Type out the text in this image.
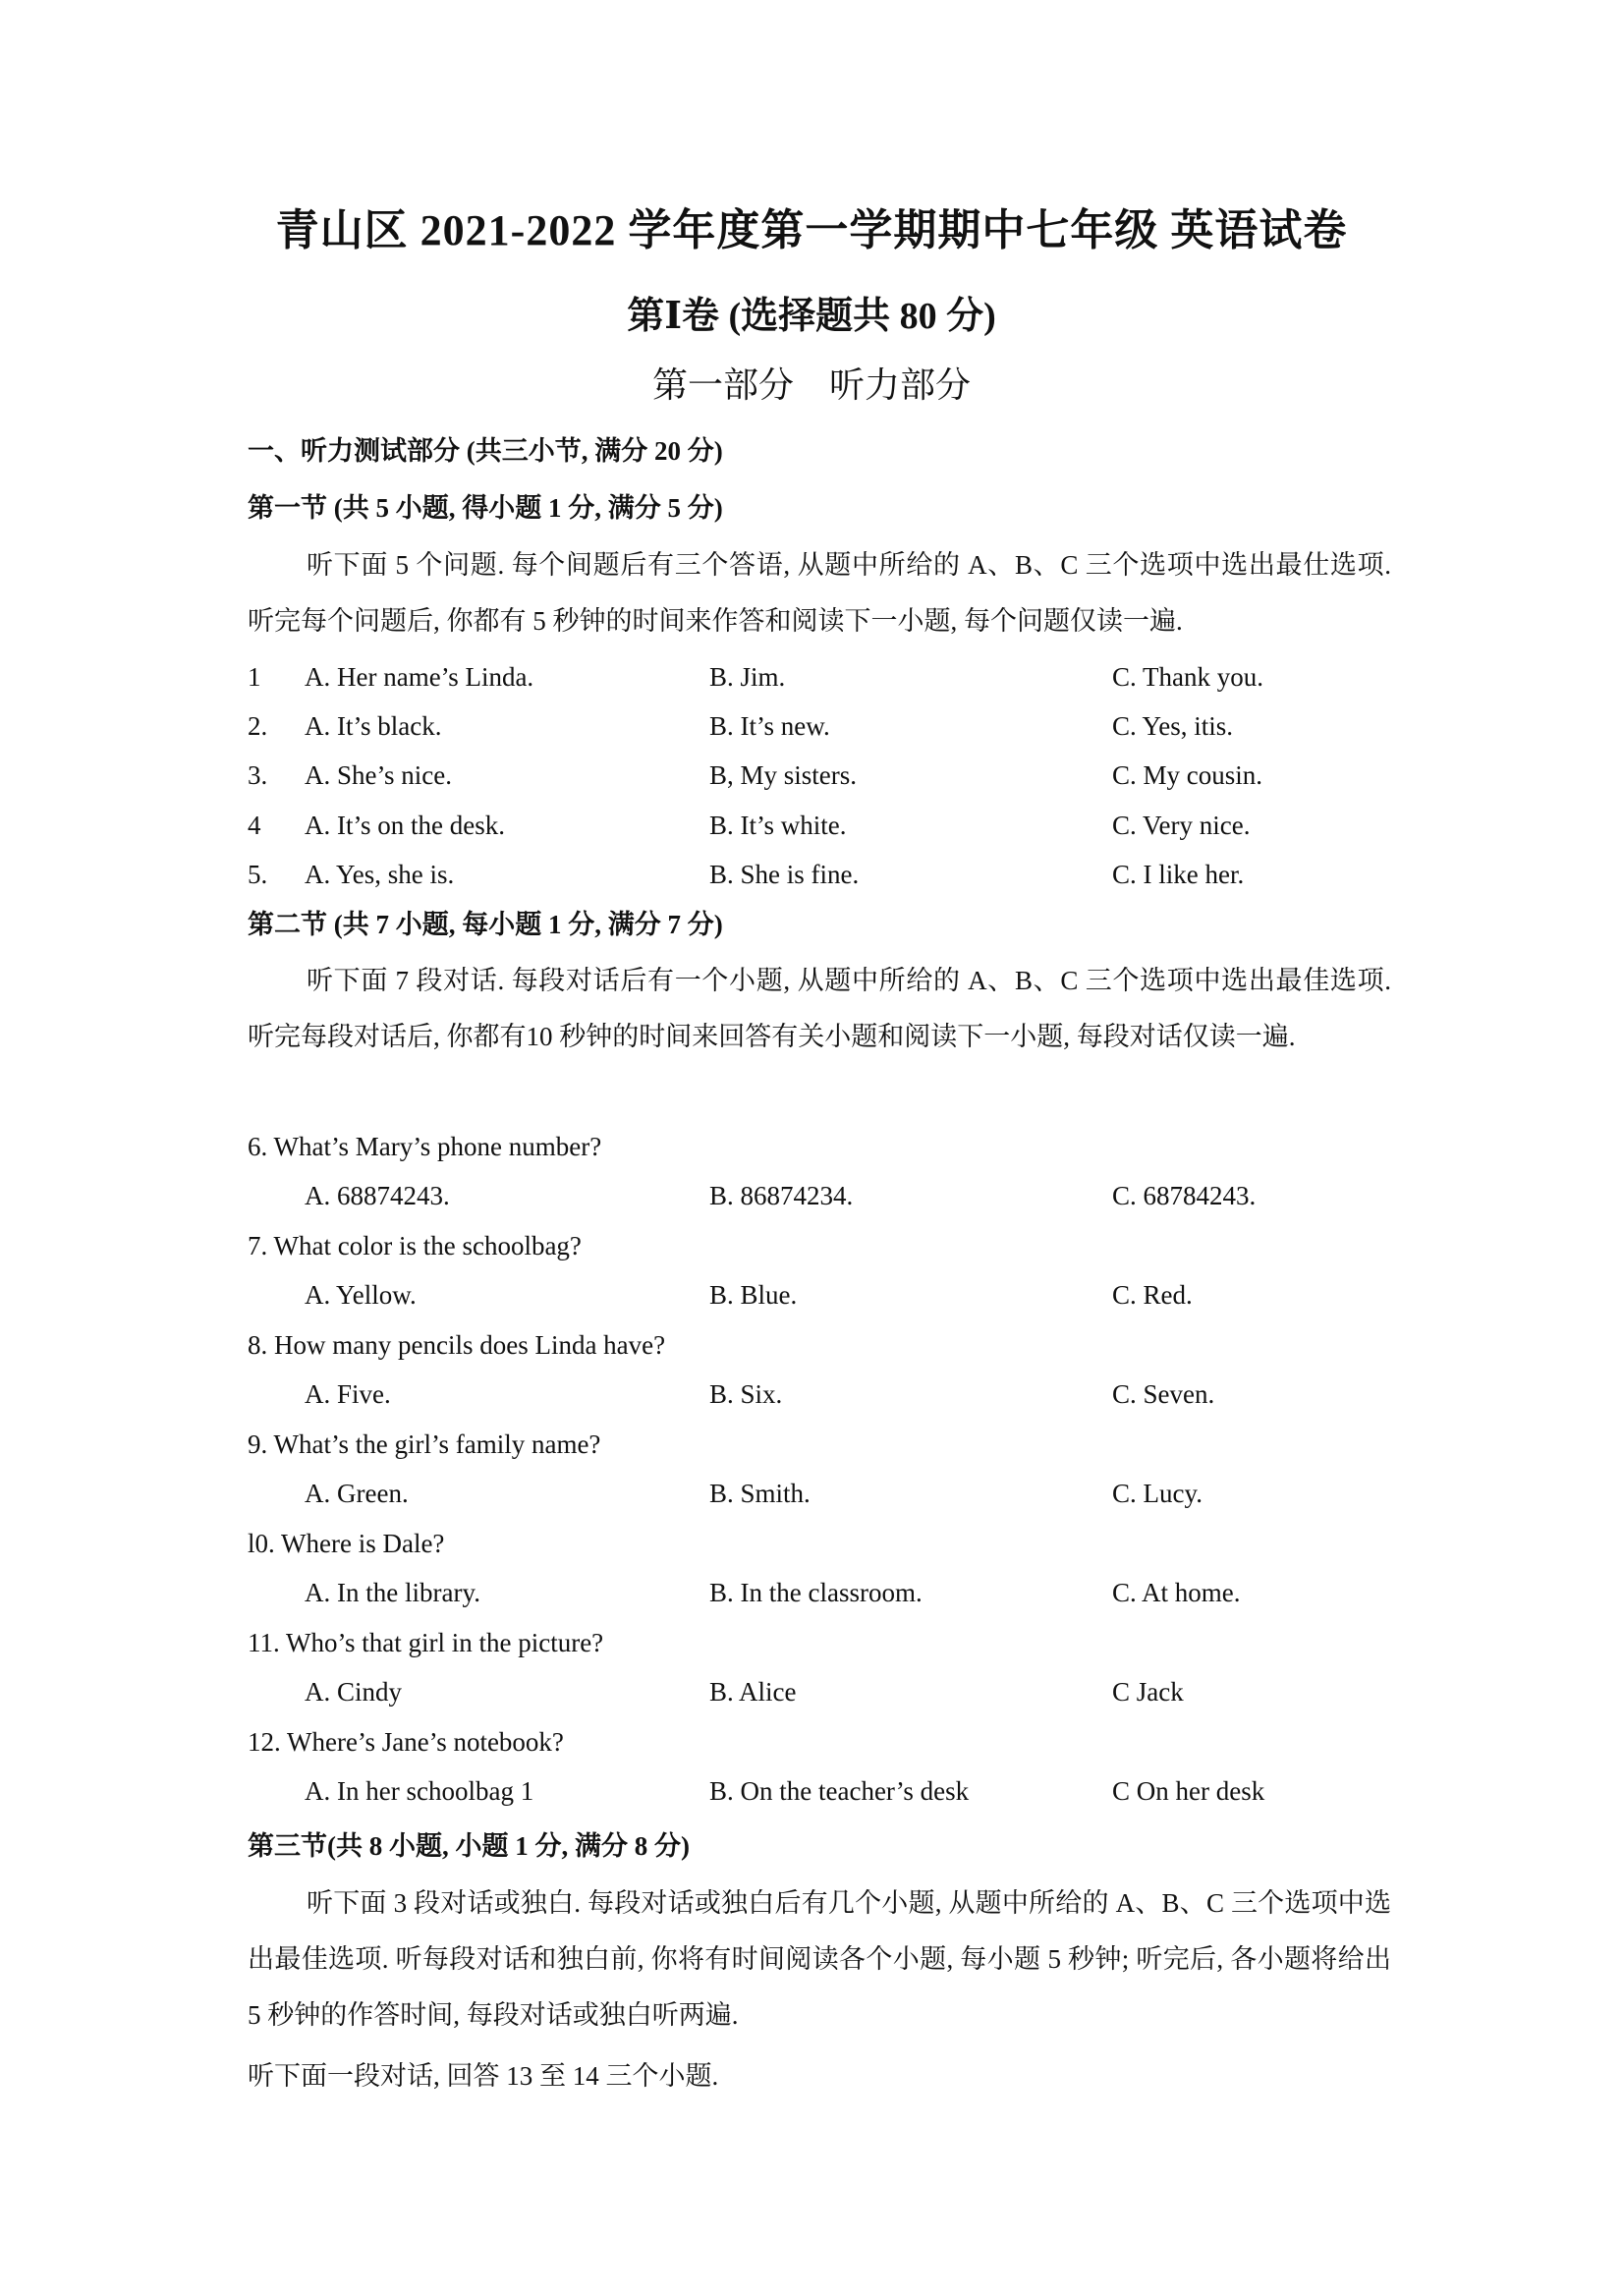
青山区 2021-2022 学年度第一学期期中七年级 英语试卷
第Ⅰ卷 (选择题共 80 分)
第一部分　听力部分
一、听力测试部分 (共三小节, 满分 20 分)
第一节 (共 5 小题, 得小题 1 分, 满分 5 分)
听下面 5 个问题. 每个间题后有三个答语, 从题中所给的 A、B、C 三个选项中选出最仕选项. 听完每个问题后, 你都有 5 秒钟的时间来作答和阅读下一小题, 每个问题仅读一遍.
1 A. Her name’s Linda.	B. Jim.	C. Thank you.
2. A. It’s black.	B. It’s new.	C. Yes, itis.
3. A. She’s nice.	B, My sisters.	C. My cousin.
4 A. It’s on the desk.	B. It’s white.	C. Very nice.
5. A. Yes, she is.	B. She is fine.	C. I like her.
第二节 (共 7 小题, 每小题 1 分, 满分 7 分)
听下面 7 段对话. 每段对话后有一个小题, 从题中所给的 A、B、C 三个选项中选出最佳选项. 听完每段对话后, 你都有10 秒钟的时间来回答有关小题和阅读下一小题, 每段对话仅读一遍.
6. What’s Mary’s phone number?
A. 68874243.	B. 86874234.	C. 68784243.
7. What color is the schoolbag?
A. Yellow.	B. Blue.	C. Red.
8. How many pencils does Linda have?
A. Five.	B. Six.	C. Seven.
9. What’s the girl’s family name?
A. Green.	B. Smith.	C. Lucy.
l0. Where is Dale?
A. In the library.	B. In the classroom.	C. At home.
11. Who’s that girl in the picture?
A. Cindy	B. Alice	C Jack
12. Where’s Jane’s notebook?
A. In her schoolbag 1	B. On the teacher’s desk	C On her desk
第三节(共 8 小题, 小题 1 分, 满分 8 分)
听下面 3 段对话或独白. 每段对话或独白后有几个小题, 从题中所给的 A、B、C 三个选项中选出最佳选项. 听每段对话和独白前, 你将有时间阅读各个小题, 每小题 5 秒钟; 听完后, 各小题将给出 5 秒钟的作答时间, 每段对话或独白听两遍.
听下面一段对话, 回答 13 至 14 三个小题.
